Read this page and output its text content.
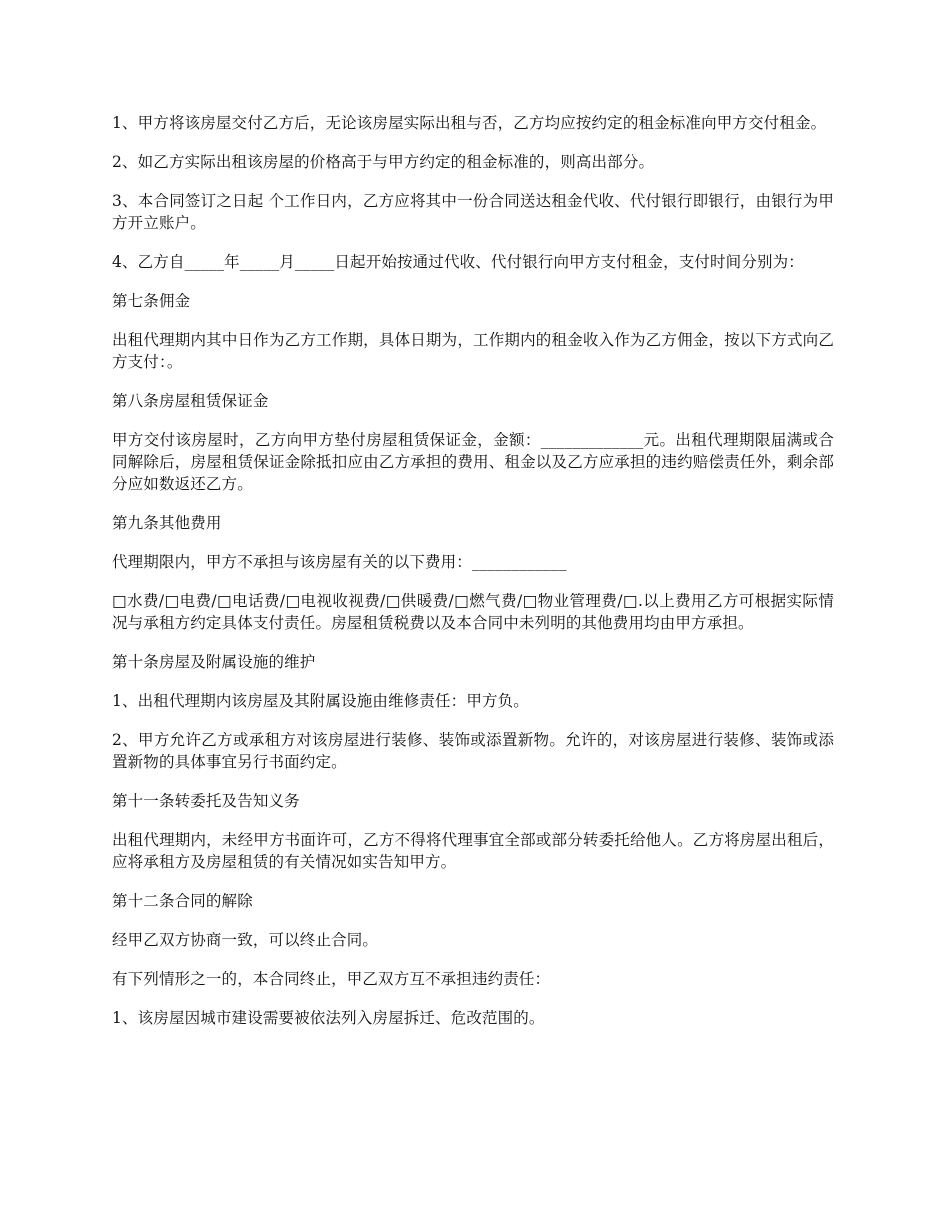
1、甲方将该房屋交付乙方后，无论该房屋实际出租与否，乙方均应按约定的租金标准向甲方交付租金。

2、如乙方实际出租该房屋的价格高于与甲方约定的租金标准的，则高出部分。

3、本合同签订之日起 个工作日内，乙方应将其中一份合同送达租金代收、代付银行即银行，由银行为甲方开立账户。

4、乙方自_____年_____月_____日起开始按通过代收、代付银行向甲方支付租金，支付时间分别为：

第七条佣金

出租代理期内其中日作为乙方工作期，具体日期为，工作期内的租金收入作为乙方佣金，按以下方式向乙方支付：。

第八条房屋租赁保证金

甲方交付该房屋时，乙方向甲方垫付房屋租赁保证金，金额：_____________元。出租代理期限届满或合同解除后，房屋租赁保证金除抵扣应由乙方承担的费用、租金以及乙方应承担的违约赔偿责任外，剩余部分应如数返还乙方。

第九条其他费用

代理期限内，甲方不承担与该房屋有关的以下费用：____________

□水费/□电费/□电话费/□电视收视费/□供暖费/□燃气费/□物业管理费/□.以上费用乙方可根据实际情况与承租方约定具体支付责任。房屋租赁税费以及本合同中未列明的其他费用均由甲方承担。

第十条房屋及附属设施的维护

1、出租代理期内该房屋及其附属设施由维修责任：甲方负。

2、甲方允许乙方或承租方对该房屋进行装修、装饰或添置新物。允许的，对该房屋进行装修、装饰或添置新物的具体事宜另行书面约定。

第十一条转委托及告知义务

出租代理期内，未经甲方书面许可，乙方不得将代理事宜全部或部分转委托给他人。乙方将房屋出租后，应将承租方及房屋租赁的有关情况如实告知甲方。

第十二条合同的解除

经甲乙双方协商一致，可以终止合同。

有下列情形之一的，本合同终止，甲乙双方互不承担违约责任：

1、该房屋因城市建设需要被依法列入房屋拆迁、危改范围的。
